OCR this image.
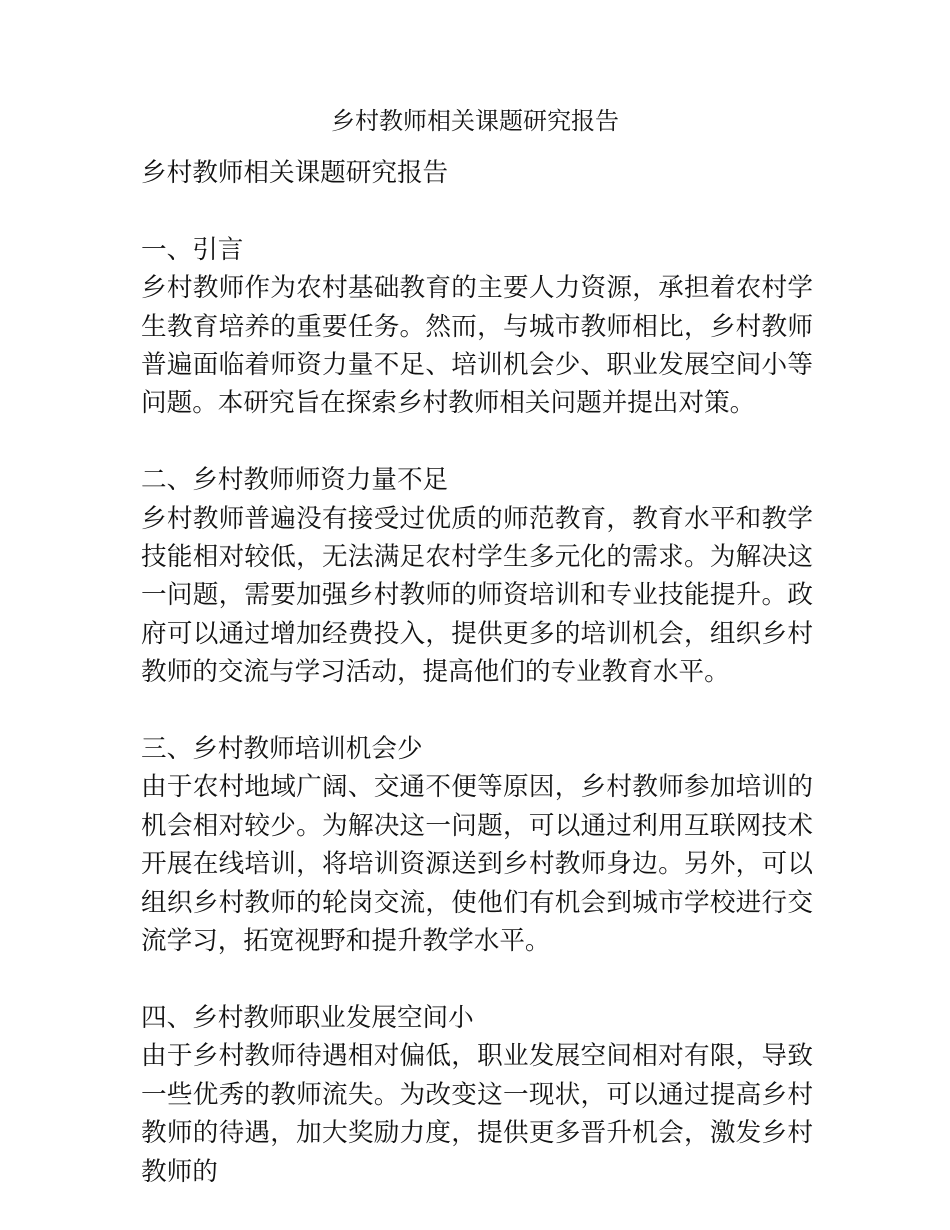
乡村教师相关课题研究报告

乡村教师相关课题研究报告

一、引言

乡村教师作为农村基础教育的主要人力资源，承担着农村学生教育培养的重要任务。然而，与城市教师相比，乡村教师普遍面临着师资力量不足、培训机会少、职业发展空间小等问题。本研究旨在探索乡村教师相关问题并提出对策。

二、乡村教师师资力量不足

乡村教师普遍没有接受过优质的师范教育，教育水平和教学技能相对较低，无法满足农村学生多元化的需求。为解决这一问题，需要加强乡村教师的师资培训和专业技能提升。政府可以通过增加经费投入，提供更多的培训机会，组织乡村教师的交流与学习活动，提高他们的专业教育水平。

三、乡村教师培训机会少

由于农村地域广阔、交通不便等原因，乡村教师参加培训的机会相对较少。为解决这一问题，可以通过利用互联网技术开展在线培训，将培训资源送到乡村教师身边。另外，可以组织乡村教师的轮岗交流，使他们有机会到城市学校进行交流学习，拓宽视野和提升教学水平。

四、乡村教师职业发展空间小

由于乡村教师待遇相对偏低，职业发展空间相对有限，导致一些优秀的教师流失。为改变这一现状，可以通过提高乡村教师的待遇，加大奖励力度，提供更多晋升机会，激发乡村教师的
